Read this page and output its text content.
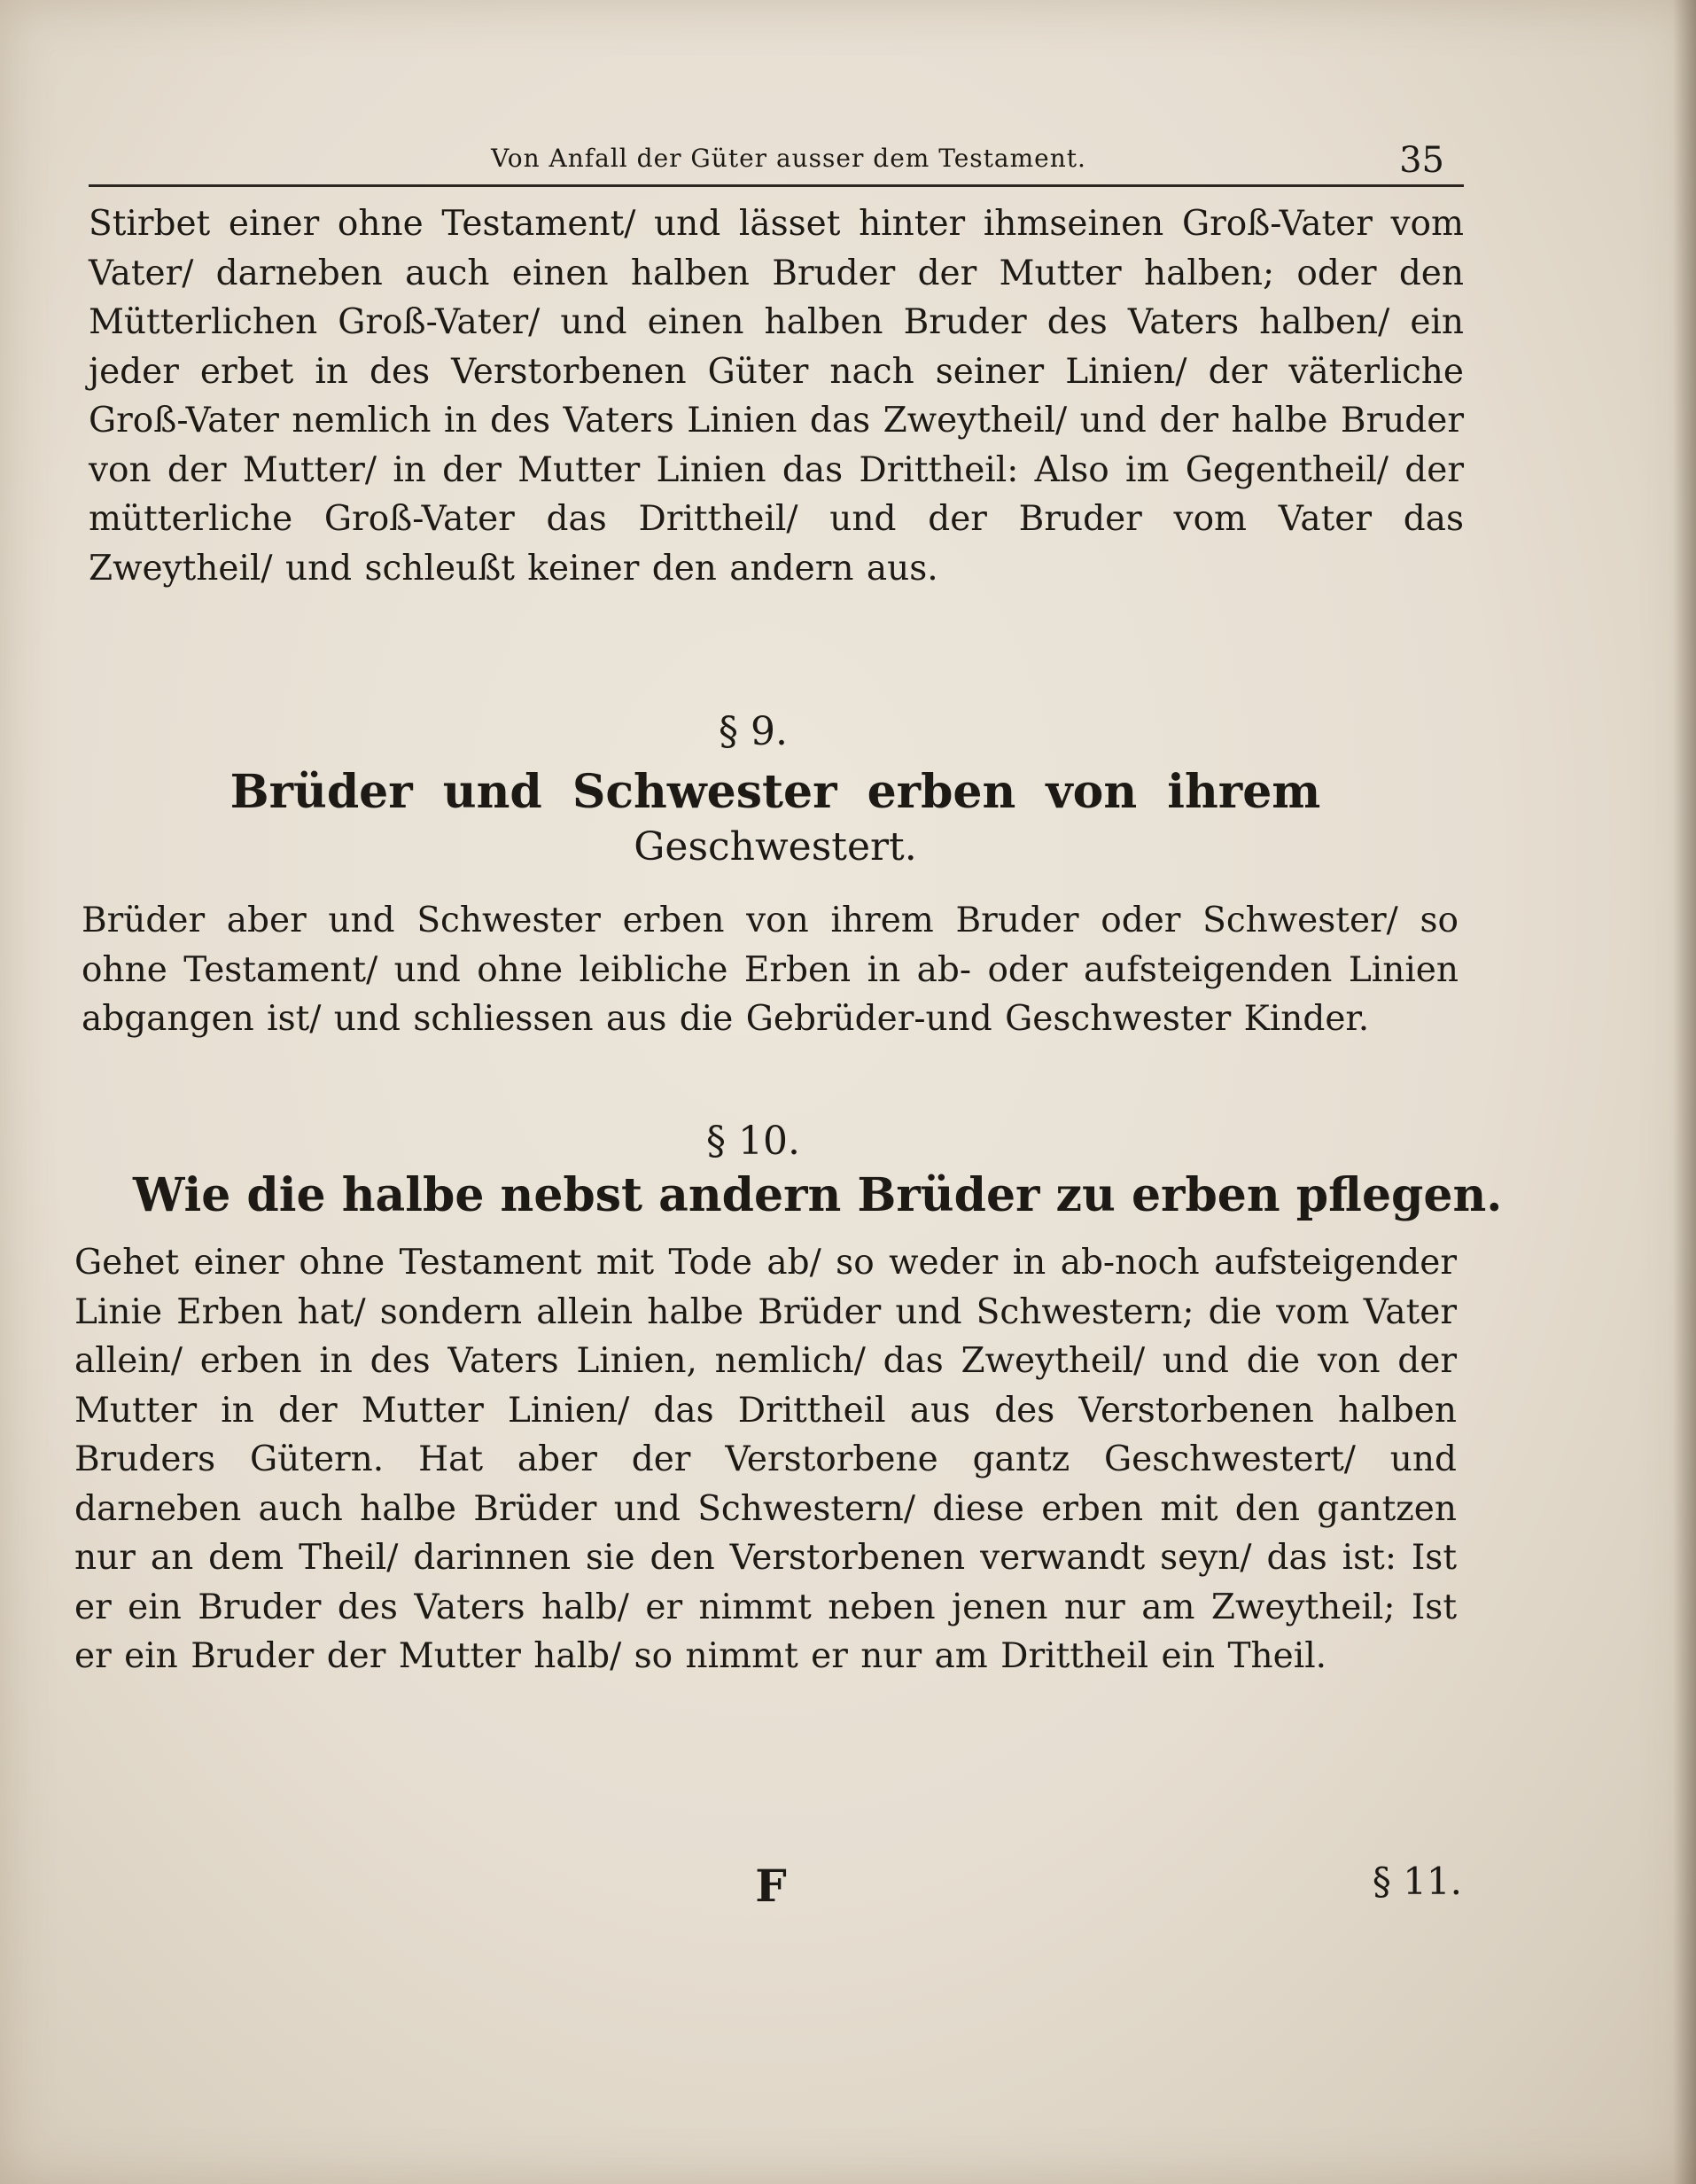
Von Anfall der Güter ausser dem Testament.	35

Stirbet einer ohne Testament/ und lässet hinter ihmseinen Groß-Vater vom Vater/ darneben auch einen halben Bruder der Mutter halben; oder den Mütterlichen Groß-Vater/ und einen halben Bruder des Vaters halben/ ein jeder erbet in des Verstorbenen Güter nach seiner Linien/ der väterliche Groß-Vater nemlich in des Vaters Linien das Zweytheil/ und der halbe Bruder von der Mutter/ in der Mutter Linien das Drittheil: Also im Gegentheil/ der mütterliche Groß-Vater das Drittheil/ und der Bruder vom Vater das Zweytheil/ und schleußt keiner den andern aus.

§ 9.
Brüder und Schwester erben von ihrem
Geschwestert.

Brüder aber und Schwester erben von ihrem Bruder oder Schwester/ so ohne Testament/ und ohne leibliche Erben in ab- oder aufsteigenden Linien abgangen ist/ und schliessen aus die Gebrüder-und Geschwester Kinder.

§ 10.
Wie die halbe nebst andern Brüder zu erben pflegen.

Gehet einer ohne Testament mit Tode ab/ so weder in ab-noch aufsteigender Linie Erben hat/ sondern allein halbe Brüder und Schwestern; die vom Vater allein/ erben in des Vaters Linien, nemlich/ das Zweytheil/ und die von der Mutter in der Mutter Linien/ das Drittheil aus des Verstorbenen halben Bruders Gütern. Hat aber der Verstorbene gantz Geschwestert/ und darneben auch halbe Brüder und Schwestern/ diese erben mit den gantzen nur an dem Theil/ darinnen sie den Verstorbenen verwandt seyn/ das ist: Ist er ein Bruder des Vaters halb/ er nimmt neben jenen nur am Zweytheil; Ist er ein Bruder der Mutter halb/ so nimmt er nur am Drittheil ein Theil.

F	§ 11.
